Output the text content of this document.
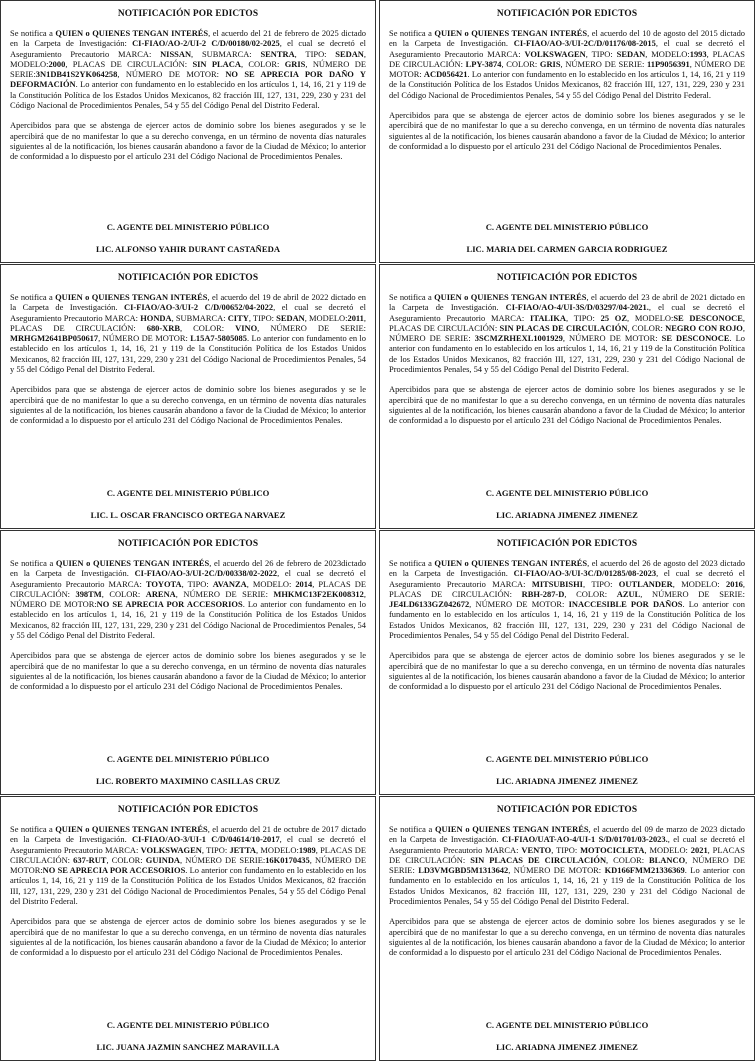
NOTIFICACIÓN POR EDICTOS

Se notifica a QUIEN o QUIENES TENGAN INTERÉS, el acuerdo del 21 de febrero de 2025 dictado en la Carpeta de Investigación: CI-FIAO/AO-2/UI-2 C/D/00180/02-2025, el cual se decretó el Aseguramiento Precautorio MARCA: NISSAN, SUBMARCA: SENTRA, TIPO: SEDAN, MODELO:2000, PLACAS DE CIRCULACIÓN: SIN PLACA, COLOR: GRIS, NÚMERO DE SERIE:3N1DB41S2YK064258, NÚMERO DE MOTOR: NO SE APRECIA POR DAÑO Y DEFORMACIÓN. Lo anterior con fundamento en lo establecido en los artículos 1, 14, 16, 21 y 119 de la Constitución Política de los Estados Unidos Mexicanos, 82 fracción III, 127, 131, 229, 230 y 231 del Código Nacional de Procedimientos Penales, 54 y 55 del Código Penal del Distrito Federal.

Apercibidos para que se abstenga de ejercer actos de dominio sobre los bienes asegurados y se le apercibirá que de no manifestar lo que a su derecho convenga, en un término de noventa días naturales siguientes al de la notificación, los bienes causarán abandono a favor de la Ciudad de México; lo anterior de conformidad a lo dispuesto por el artículo 231 del Código Nacional de Procedimientos Penales.

C. AGENTE DEL MINISTERIO PÚBLICO
LIC. ALFONSO YAHIR DURANT CASTAÑEDA
NOTIFICACIÓN POR EDICTOS

Se notifica a QUIEN o QUIENES TENGAN INTERÉS, el acuerdo del 10 de agosto del 2015 dictado en la Carpeta de Investigación. CI-FIAO/AO-3/UI-2C/D/01176/08-2015, el cual se decretó el Aseguramiento Precautorio MARCA: VOLKSWAGEN, TIPO: SEDAN, MODELO:1993, PLACAS DE CIRCULACIÓN: LPY-3874, COLOR: GRIS, NÚMERO DE SERIE: 11P9056391, NÚMERO DE MOTOR: ACD056421. Lo anterior con fundamento en lo establecido en los artículos 1, 14, 16, 21 y 119 de la Constitución Política de los Estados Unidos Mexicanos, 82 fracción III, 127, 131, 229, 230 y 231 del Código Nacional de Procedimientos Penales, 54 y 55 del Código Penal del Distrito Federal.

Apercibidos para que se abstenga de ejercer actos de dominio sobre los bienes asegurados y se le apercibirá que de no manifestar lo que a su derecho convenga, en un término de noventa días naturales siguientes al de la notificación, los bienes causarán abandono a favor de la Ciudad de México; lo anterior de conformidad a lo dispuesto por el artículo 231 del Código Nacional de Procedimientos Penales.

C. AGENTE DEL MINISTERIO PÚBLICO
LIC. MARIA DEL CARMEN GARCIA RODRIGUEZ
NOTIFICACIÓN POR EDICTOS

Se notifica a QUIEN o QUIENES TENGAN INTERÉS, el acuerdo del 19 de abril de 2022 dictado en la Carpeta de Investigación. CI-FIAO/AO-3/UI-2 C/D/00652/04-2022, el cual se decretó el Aseguramiento Precautorio MARCA: HONDA, SUBMARCA: CITY, TIPO: SEDAN, MODELO:2011, PLACAS DE CIRCULACIÓN: 680-XRB, COLOR: VINO, NÚMERO DE SERIE: MRHGM2641BP050617, NÚMERO DE MOTOR: L15A7-5805085. Lo anterior con fundamento en lo establecido en los artículos 1, 14, 16, 21 y 119 de la Constitución Política de los Estados Unidos Mexicanos, 82 fracción III, 127, 131, 229, 230 y 231 del Código Nacional de Procedimientos Penales, 54 y 55 del Código Penal del Distrito Federal.

Apercibidos para que se abstenga de ejercer actos de dominio sobre los bienes asegurados y se le apercibirá que de no manifestar lo que a su derecho convenga, en un término de noventa días naturales siguientes al de la notificación, los bienes causarán abandono a favor de la Ciudad de México; lo anterior de conformidad a lo dispuesto por el artículo 231 del Código Nacional de Procedimientos Penales.

C. AGENTE DEL MINISTERIO PÚBLICO
LIC. L. OSCAR FRANCISCO ORTEGA NARVAEZ
NOTIFICACIÓN POR EDICTOS

Se notifica a QUIEN o QUIENES TENGAN INTERÉS, el acuerdo del 23 de abril de 2021 dictado en la Carpeta de Investigación. CI-FIAO/AO-4/UI-3S/D/03297/04-2021., el cual se decretó el Aseguramiento Precautorio MARCA: ITALIKA, TIPO: 25 OZ, MODELO:SE DESCONOCE, PLACAS DE CIRCULACIÓN: SIN PLACAS DE CIRCULACIÓN, COLOR: NEGRO CON ROJO, NÚMERO DE SERIE: 3SCMZRHEXL1001929, NÚMERO DE MOTOR: SE DESCONOCE. Lo anterior con fundamento en lo establecido en los artículos 1, 14, 16, 21 y 119 de la Constitución Política de los Estados Unidos Mexicanos, 82 fracción III, 127, 131, 229, 230 y 231 del Código Nacional de Procedimientos Penales, 54 y 55 del Código Penal del Distrito Federal.

Apercibidos para que se abstenga de ejercer actos de dominio sobre los bienes asegurados y se le apercibirá que de no manifestar lo que a su derecho convenga, en un término de noventa días naturales siguientes al de la notificación, los bienes causarán abandono a favor de la Ciudad de México; lo anterior de conformidad a lo dispuesto por el artículo 231 del Código Nacional de Procedimientos Penales.

C. AGENTE DEL MINISTERIO PÚBLICO
LIC. ARIADNA JIMENEZ JIMENEZ
NOTIFICACIÓN POR EDICTOS

Se notifica a QUIEN o QUIENES TENGAN INTERÉS, el acuerdo del 26 de febrero de 2023dictado en la Carpeta de Investigación. CI-FIAO/AO-3/UI-2C/D/00338/02-2022, el cual se decretó el Aseguramiento Precautorio MARCA: TOYOTA, TIPO: AVANZA, MODELO: 2014, PLACAS DE CIRCULACIÓN: 398TM, COLOR: ARENA, NÚMERO DE SERIE: MHKMC13F2EK008312, NÚMERO DE MOTOR:NO SE APRECIA POR ACCESORIOS. Lo anterior con fundamento en lo establecido en los artículos 1, 14, 16, 21 y 119 de la Constitución Política de los Estados Unidos Mexicanos, 82 fracción III, 127, 131, 229, 230 y 231 del Código Nacional de Procedimientos Penales, 54 y 55 del Código Penal del Distrito Federal.

Apercibidos para que se abstenga de ejercer actos de dominio sobre los bienes asegurados y se le apercibirá que de no manifestar lo que a su derecho convenga, en un término de noventa días naturales siguientes al de la notificación, los bienes causarán abandono a favor de la Ciudad de México; lo anterior de conformidad a lo dispuesto por el artículo 231 del Código Nacional de Procedimientos Penales.

C. AGENTE DEL MINISTERIO PÚBLICO
LIC. ROBERTO MAXIMINO CASILLAS CRUZ
NOTIFICACIÓN POR EDICTOS

Se notifica a QUIEN o QUIENES TENGAN INTERÉS, el acuerdo del 26 de agosto del 2023 dictado en la Carpeta de Investigación. CI-FIAO/AO-3/UI-3C/D/01285/08-2023, el cual se decretó el Aseguramiento Precautorio MARCA: MITSUBISHI, TIPO: OUTLANDER, MODELO: 2016, PLACAS DE CIRCULACIÓN: RBH-287-D, COLOR: AZUL, NÚMERO DE SERIE: JE4LD6133GZ042672, NÚMERO DE MOTOR: INACCESIBLE POR DAÑOS. Lo anterior con fundamento en lo establecido en los artículos 1, 14, 16, 21 y 119 de la Constitución Política de los Estados Unidos Mexicanos, 82 fracción III, 127, 131, 229, 230 y 231 del Código Nacional de Procedimientos Penales, 54 y 55 del Código Penal del Distrito Federal.

Apercibidos para que se abstenga de ejercer actos de dominio sobre los bienes asegurados y se le apercibirá que de no manifestar lo que a su derecho convenga, en un término de noventa días naturales siguientes al de la notificación, los bienes causarán abandono a favor de la Ciudad de México; lo anterior de conformidad a lo dispuesto por el artículo 231 del Código Nacional de Procedimientos Penales.

C. AGENTE DEL MINISTERIO PÚBLICO
LIC. ARIADNA JIMENEZ JIMENEZ
NOTIFICACIÓN POR EDICTOS

Se notifica a QUIEN o QUIENES TENGAN INTERÉS, el acuerdo del 21 de octubre de 2017 dictado en la Carpeta de Investigación. CI-FIAO/AO-3/UI-1 C/D/04614/10-2017, el cual se decretó el Aseguramiento Precautorio MARCA: VOLKSWAGEN, TIPO: JETTA, MODELO:1989, PLACAS DE CIRCULACIÓN: 637-RUT, COLOR: GUINDA, NÚMERO DE SERIE:16K0170435, NÚMERO DE MOTOR:NO SE APRECIA POR ACCESORIOS. Lo anterior con fundamento en lo establecido en los artículos 1, 14, 16, 21 y 119 de la Constitución Política de los Estados Unidos Mexicanos, 82 fracción III, 127, 131, 229, 230 y 231 del Código Nacional de Procedimientos Penales, 54 y 55 del Código Penal del Distrito Federal.

Apercibidos para que se abstenga de ejercer actos de dominio sobre los bienes asegurados y se le apercibirá que de no manifestar lo que a su derecho convenga, en un término de noventa días naturales siguientes al de la notificación, los bienes causarán abandono a favor de la Ciudad de México; lo anterior de conformidad a lo dispuesto por el artículo 231 del Código Nacional de Procedimientos Penales.

C. AGENTE DEL MINISTERIO PÚBLICO
LIC. JUANA JAZMIN SANCHEZ MARAVILLA
NOTIFICACIÓN POR EDICTOS

Se notifica a QUIEN o QUIENES TENGAN INTERÉS, el acuerdo del 09 de marzo de 2023 dictado en la Carpeta de Investigación. CI-FIAO/UAT-AO-4/UI-1 S/D/01701/03-2023., el cual se decretó el Aseguramiento Precautorio MARCA: VENTO, TIPO: MOTOCICLETA, MODELO: 2021, PLACAS DE CIRCULACIÓN: SIN PLACAS DE CIRCULACIÓN, COLOR: BLANCO, NÚMERO DE SERIE: LD3VMGBD5M1313642, NÚMERO DE MOTOR: KD166FMM21336369. Lo anterior con fundamento en lo establecido en los artículos 1, 14, 16, 21 y 119 de la Constitución Política de los Estados Unidos Mexicanos, 82 fracción III, 127, 131, 229, 230 y 231 del Código Nacional de Procedimientos Penales, 54 y 55 del Código Penal del Distrito Federal.

Apercibidos para que se abstenga de ejercer actos de dominio sobre los bienes asegurados y se le apercibirá que de no manifestar lo que a su derecho convenga, en un término de noventa días naturales siguientes al de la notificación, los bienes causarán abandono a favor de la Ciudad de México; lo anterior de conformidad a lo dispuesto por el artículo 231 del Código Nacional de Procedimientos Penales.

C. AGENTE DEL MINISTERIO PÚBLICO
LIC. ARIADNA JIMENEZ JIMENEZ
